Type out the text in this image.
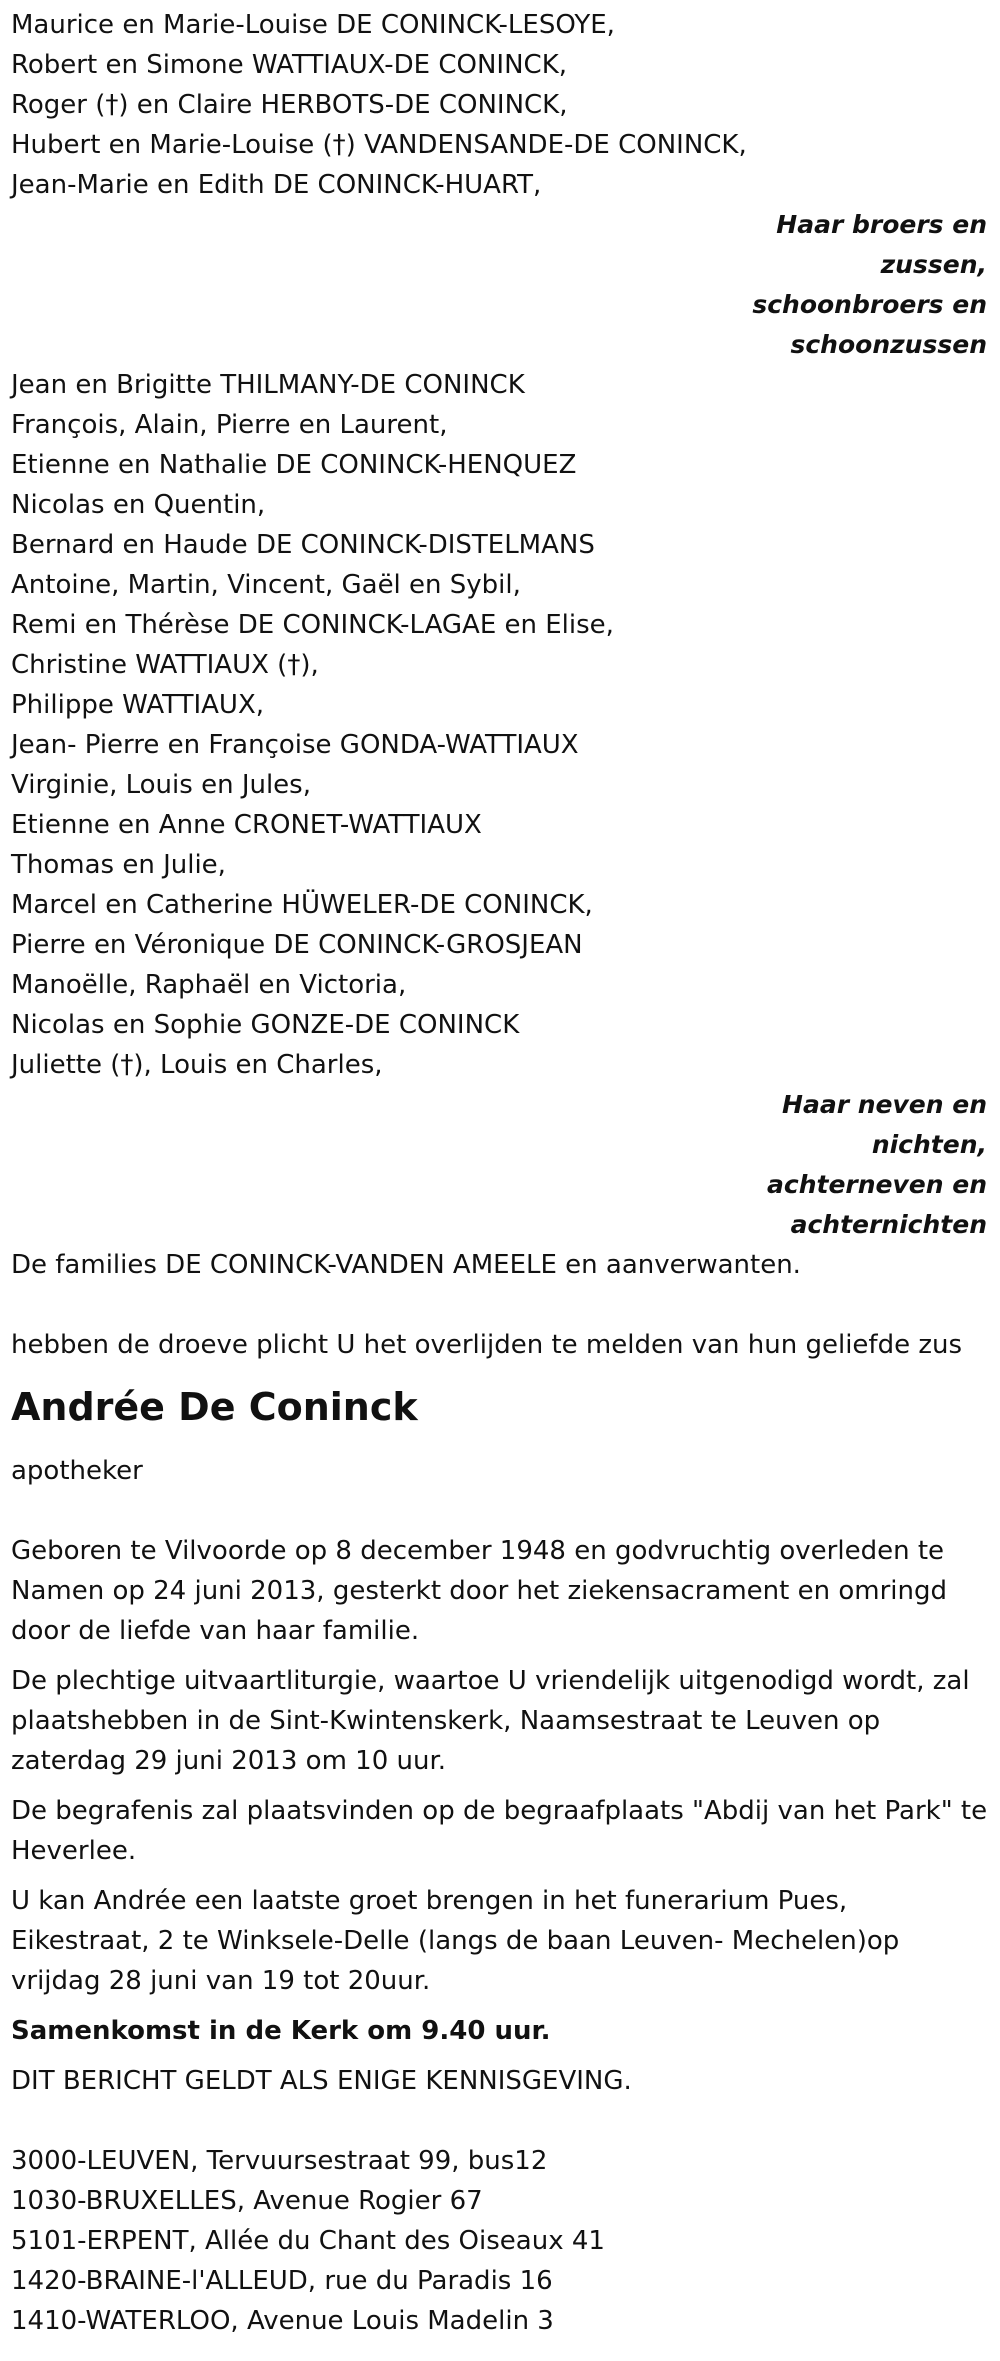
Maurice en Marie-Louise DE CONINCK-LESOYE,
Robert en Simone WATTIAUX-DE CONINCK,
Roger (†) en Claire HERBOTS-DE CONINCK,
Hubert en Marie-Louise (†) VANDENSANDE-DE CONINCK,
Jean-Marie en Edith DE CONINCK-HUART,
Haar broers en
zussen,
schoonbroers en
schoonzussen
Jean en Brigitte THILMANY-DE CONINCK
François, Alain, Pierre en Laurent,
Etienne en Nathalie DE CONINCK-HENQUEZ
Nicolas en Quentin,
Bernard en Haude DE CONINCK-DISTELMANS
Antoine, Martin, Vincent, Gaël en Sybil,
Remi en Thérèse DE CONINCK-LAGAE en Elise,
Christine WATTIAUX (†),
Philippe WATTIAUX,
Jean- Pierre en Françoise GONDA-WATTIAUX
Virginie, Louis en Jules,
Etienne en Anne CRONET-WATTIAUX
Thomas en Julie,
Marcel en Catherine HÜWELER-DE CONINCK,
Pierre en Véronique DE CONINCK-GROSJEAN
Manoëlle, Raphaël en Victoria,
Nicolas en Sophie GONZE-DE CONINCK
Juliette (†), Louis en Charles,
Haar neven en
nichten,
achterneven en
achternichten
De families DE CONINCK-VANDEN AMEELE en aanverwanten.
hebben de droeve plicht U het overlijden te melden van hun geliefde zus
Andrée De Coninck
apotheker
Geboren te Vilvoorde op 8 december 1948 en godvruchtig overleden te Namen op 24 juni 2013, gesterkt door het ziekensacrament en omringd door de liefde van haar familie.
De plechtige uitvaartliturgie, waartoe U vriendelijk uitgenodigd wordt, zal plaatshebben in de Sint-Kwintenskerk, Naamsestraat te Leuven op zaterdag 29 juni 2013 om 10 uur.
De begrafenis zal plaatsvinden op de begraafplaats "Abdij van het Park" te Heverlee.
U kan Andrée een laatste groet brengen in het funerarium Pues, Eikestraat, 2 te Winksele-Delle (langs de baan Leuven- Mechelen)op vrijdag 28 juni van 19 tot 20uur.
Samenkomst in de Kerk om 9.40 uur.
DIT BERICHT GELDT ALS ENIGE KENNISGEVING.
3000-LEUVEN, Tervuursestraat 99, bus12
1030-BRUXELLES, Avenue Rogier 67
5101-ERPENT, Allée du Chant des Oiseaux 41
1420-BRAINE-l'ALLEUD, rue du Paradis 16
1410-WATERLOO, Avenue Louis Madelin 3
